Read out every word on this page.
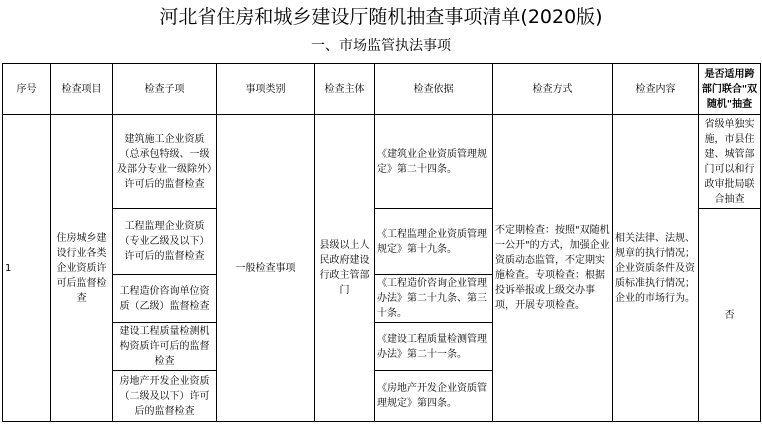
河北省住房和城乡建设厅随机抽查事项清单(2020版)
一、市场监管执法事项
序号	检查项目	检查子项	事项类别	检查主体	检查依据	检查方式	检查内容	是否适用跨部门联合"双随机"抽查
1	住房城乡建设行业各类企业资质许可后监督检查	建筑施工企业资质（总承包特级、一级及部分专业一级除外）许可后的监督检查	一般检查事项	县级以上人民政府建设行政主管部门	《建筑业企业资质管理规定》第二十四条。	不定期检查：按照"双随机一公开"的方式，加强企业资质动态监管，不定期实施检查。专项检查：根据投诉举报或上级交办事项，开展专项检查。	相关法律、法规、规章的执行情况；企业资质条件及资质标准执行情况；企业的市场行为。	省级单独实施，市县住建、城管部门可以和行政审批局联合抽查
		工程监理企业资质（专业乙级及以下）许可后的监督检查			《工程监理企业资质管理规定》第十九条。			否
		工程造价咨询单位资质（乙级）监督检查			《工程造价咨询企业管理办法》第二十九条、第三十条。			
		建设工程质量检测机构资质许可后的监督检查			《建设工程质量检测管理办法》第二十一条。			
		房地产开发企业资质（二级及以下）许可后的监督检查			《房地产开发企业资质管理规定》第四条。			
